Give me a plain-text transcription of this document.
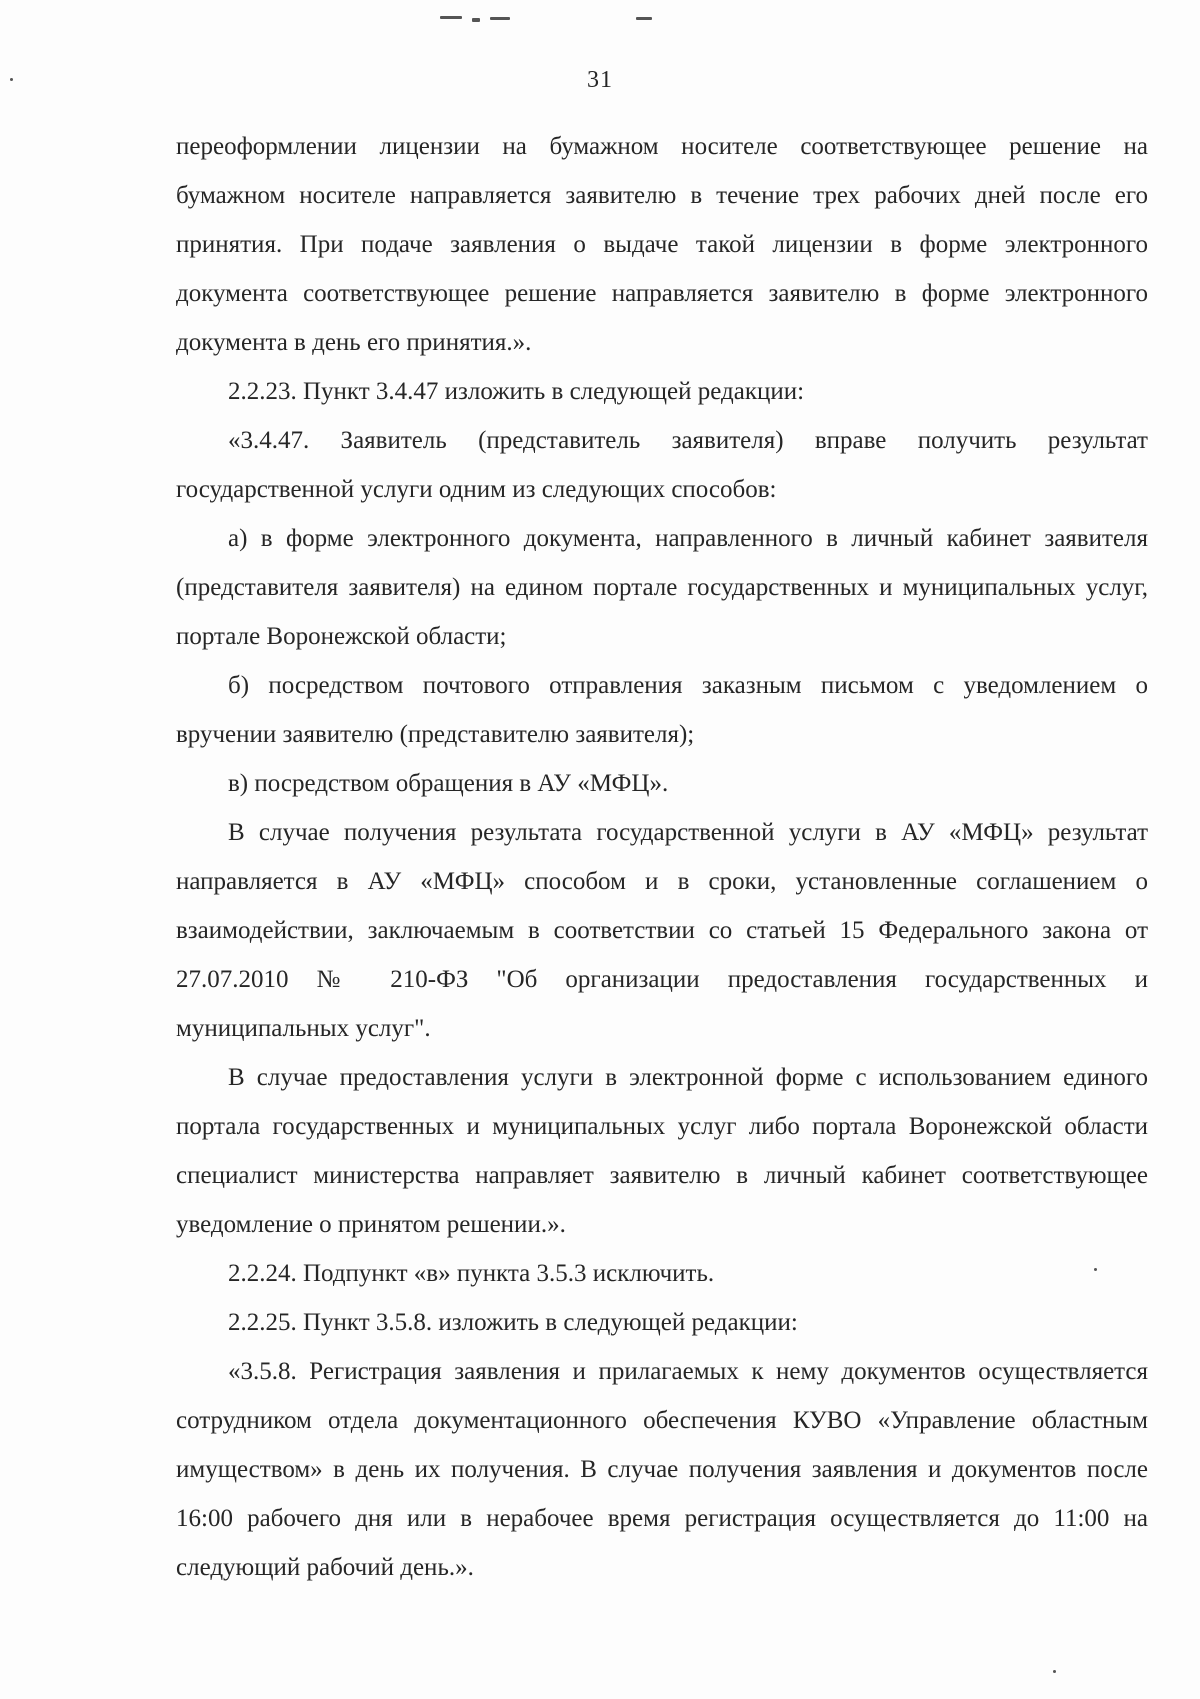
31

переоформлении лицензии на бумажном носителе соответствующее решение на бумажном носителе направляется заявителю в течение трех рабочих дней после его принятия. При подаче заявления о выдаче такой лицензии в форме электронного документа соответствующее решение направляется заявителю в форме электронного документа в день его принятия.».

2.2.23. Пункт 3.4.47 изложить в следующей редакции:

«3.4.47. Заявитель (представитель заявителя) вправе получить результат государственной услуги одним из следующих способов:

а) в форме электронного документа, направленного в личный кабинет заявителя (представителя заявителя) на едином портале государственных и муниципальных услуг, портале Воронежской области;

б) посредством почтового отправления заказным письмом с уведомлением о вручении заявителю (представителю заявителя);

в) посредством обращения в АУ «МФЦ».

В случае получения результата государственной услуги в АУ «МФЦ» результат направляется в АУ «МФЦ» способом и в сроки, установленные соглашением о взаимодействии, заключаемым в соответствии со статьей 15 Федерального закона от 27.07.2010 № 210-ФЗ "Об организации предоставления государственных и муниципальных услуг".

В случае предоставления услуги в электронной форме с использованием единого портала государственных и муниципальных услуг либо портала Воронежской области специалист министерства направляет заявителю в личный кабинет соответствующее уведомление о принятом решении.».

2.2.24. Подпункт «в» пункта 3.5.3 исключить.

2.2.25. Пункт 3.5.8. изложить в следующей редакции:

«3.5.8. Регистрация заявления и прилагаемых к нему документов осуществляется сотрудником отдела документационного обеспечения КУВО «Управление областным имуществом» в день их получения. В случае получения заявления и документов после 16:00 рабочего дня или в нерабочее время регистрация осуществляется до 11:00 на следующий рабочий день.».
